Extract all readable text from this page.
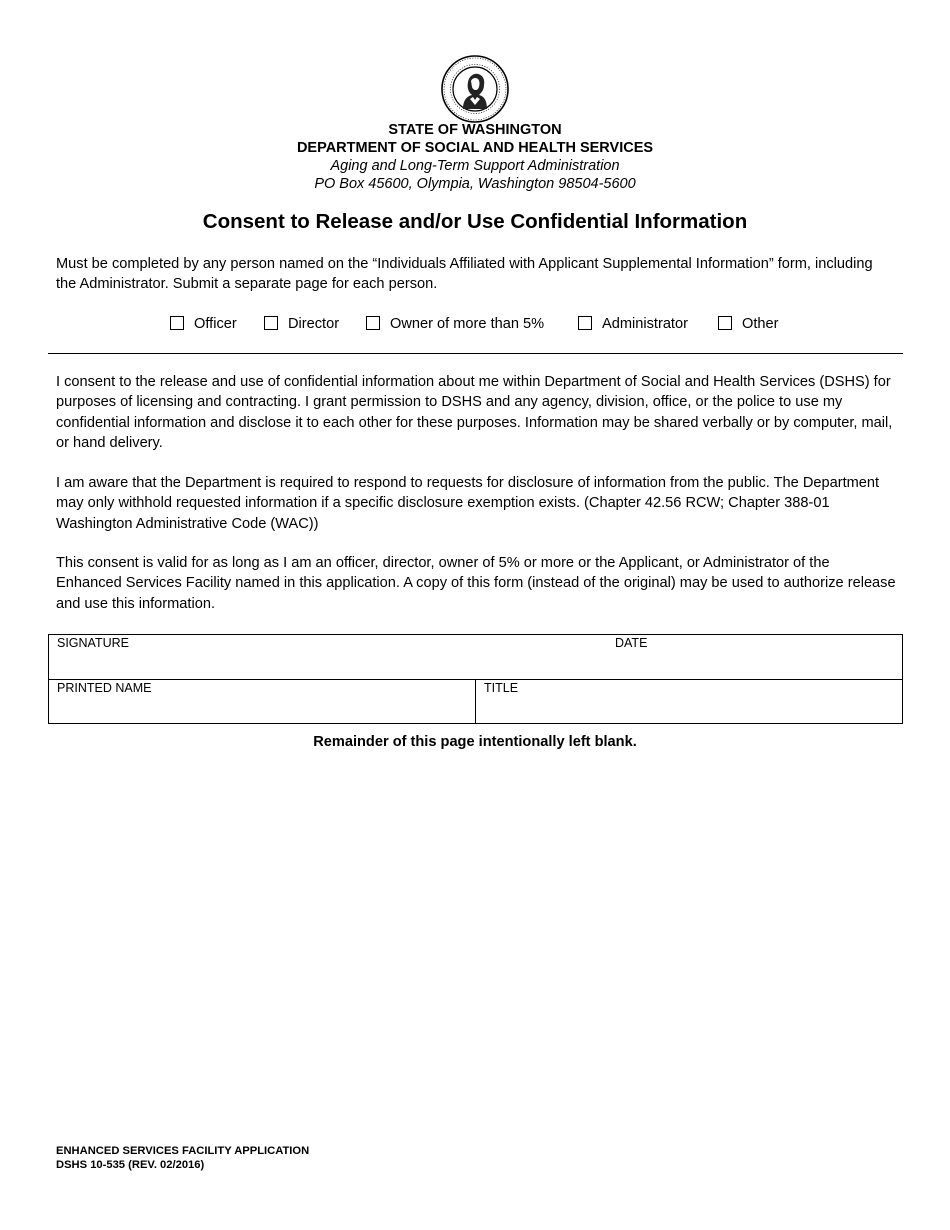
STATE OF WASHINGTON
DEPARTMENT OF SOCIAL AND HEALTH SERVICES
Aging and Long-Term Support Administration
PO Box 45600, Olympia, Washington 98504-5600
Consent to Release and/or Use Confidential Information

Must be completed by any person named on the “Individuals Affiliated with Applicant Supplemental Information” form, including the Administrator. Submit a separate page for each person.

Officer	Director	Owner of more than 5%	Administrator	Other

I consent to the release and use of confidential information about me within Department of Social and Health Services (DSHS) for purposes of licensing and contracting. I grant permission to DSHS and any agency, division, office, or the police to use my confidential information and disclose it to each other for these purposes. Information may be shared verbally or by computer, mail, or hand delivery.

I am aware that the Department is required to respond to requests for disclosure of information from the public. The Department may only withhold requested information if a specific disclosure exemption exists. (Chapter 42.56 RCW; Chapter 388-01 Washington Administrative Code (WAC))

This consent is valid for as long as I am an officer, director, owner of 5% or more or the Applicant, or Administrator of the Enhanced Services Facility named in this application. A copy of this form (instead of the original) may be used to authorize release and use this information.

SIGNATURE	DATE
PRINTED NAME	TITLE
Remainder of this page intentionally left blank.
ENHANCED SERVICES FACILITY APPLICATION
DSHS 10-535 (REV. 02/2016)
